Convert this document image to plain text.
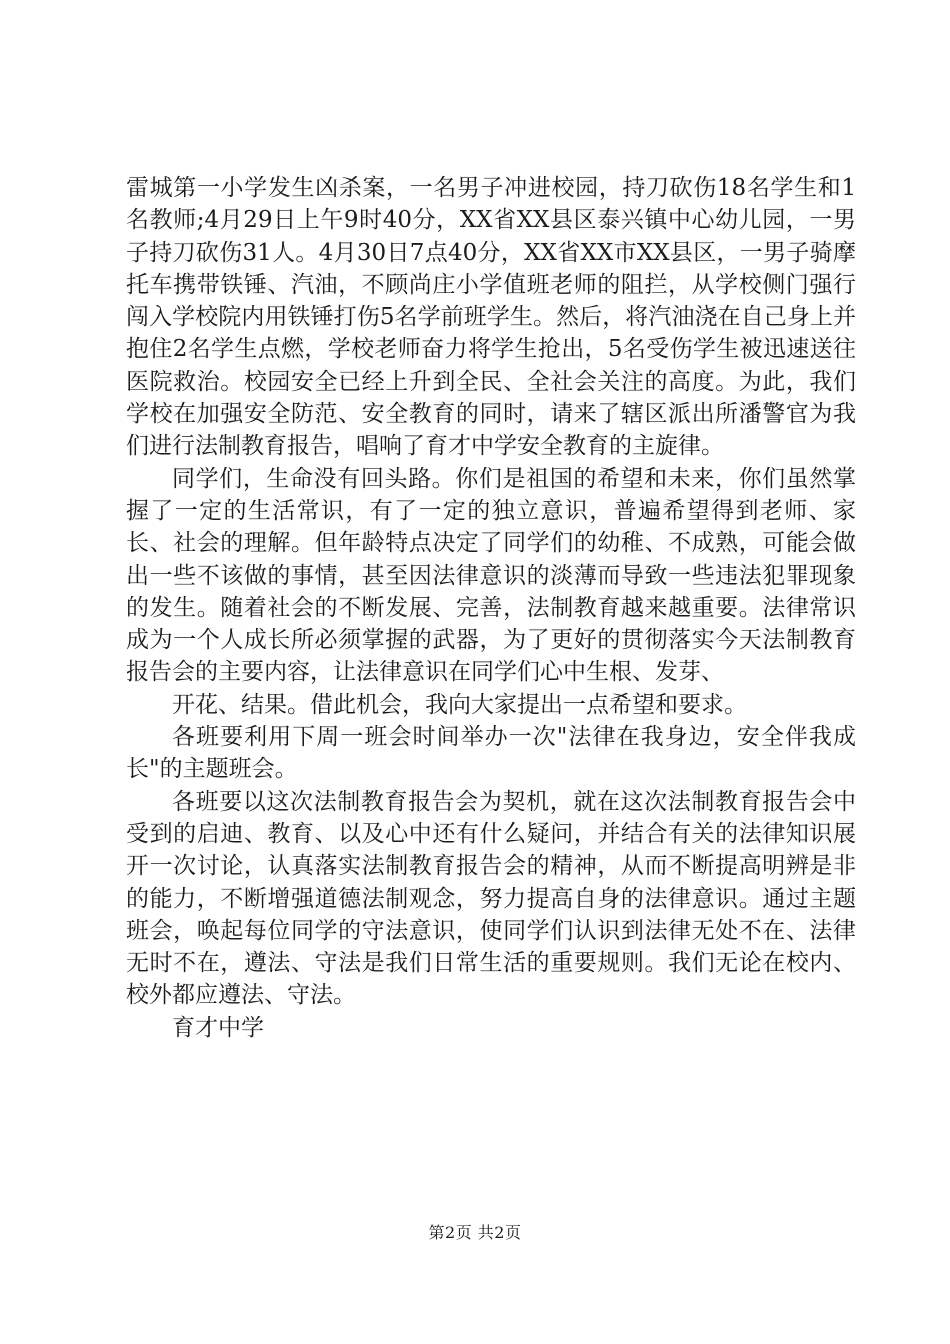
雷城第一小学发生凶杀案，一名男子冲进校园，持刀砍伤18名学生和1名教师;4月29日上午9时40分，XX省XX县区泰兴镇中心幼儿园，一男子持刀砍伤31人。4月30日7点40分，XX省XX市XX县区，一男子骑摩托车携带铁锤、汽油，不顾尚庄小学值班老师的阻拦，从学校侧门强行闯入学校院内用铁锤打伤5名学前班学生。然后，将汽油浇在自己身上并抱住2名学生点燃，学校老师奋力将学生抢出，5名受伤学生被迅速送往医院救治。校园安全已经上升到全民、全社会关注的高度。为此，我们学校在加强安全防范、安全教育的同时，请来了辖区派出所潘警官为我们进行法制教育报告，唱响了育才中学安全教育的主旋律。

同学们，生命没有回头路。你们是祖国的希望和未来，你们虽然掌握了一定的生活常识，有了一定的独立意识，普遍希望得到老师、家长、社会的理解。但年龄特点决定了同学们的幼稚、不成熟，可能会做出一些不该做的事情，甚至因法律意识的淡薄而导致一些违法犯罪现象的发生。随着社会的不断发展、完善，法制教育越来越重要。法律常识成为一个人成长所必须掌握的武器，为了更好的贯彻落实今天法制教育报告会的主要内容，让法律意识在同学们心中生根、发芽、

开花、结果。借此机会，我向大家提出一点希望和要求。

各班要利用下周一班会时间举办一次"法律在我身边，安全伴我成长"的主题班会。

各班要以这次法制教育报告会为契机，就在这次法制教育报告会中受到的启迪、教育、以及心中还有什么疑问，并结合有关的法律知识展开一次讨论，认真落实法制教育报告会的精神，从而不断提高明辨是非的能力，不断增强道德法制观念，努力提高自身的法律意识。通过主题班会，唤起每位同学的守法意识，使同学们认识到法律无处不在、法律无时不在，遵法、守法是我们日常生活的重要规则。我们无论在校内、校外都应遵法、守法。

育才中学

第2页 共2页
